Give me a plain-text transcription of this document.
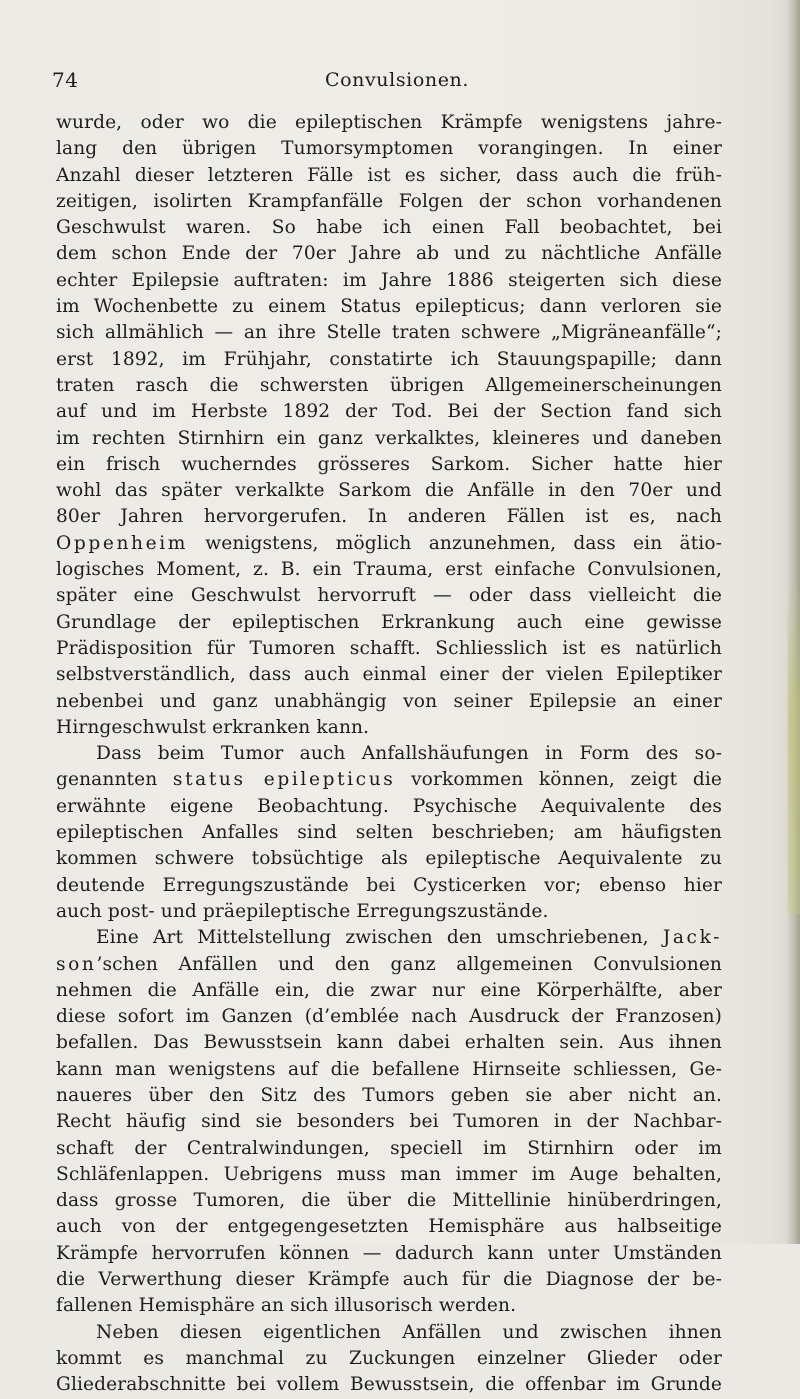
74	Convulsionen.
wurde, oder wo die epileptischen Krämpfe wenigstens jahre-
lang den übrigen Tumorsymptomen vorangingen. In einer
Anzahl dieser letzteren Fälle ist es sicher, dass auch die früh-
zeitigen, isolirten Krampfanfälle Folgen der schon vorhandenen
Geschwulst waren. So habe ich einen Fall beobachtet, bei
dem schon Ende der 70er Jahre ab und zu nächtliche Anfälle
echter Epilepsie auftraten: im Jahre 1886 steigerten sich diese
im Wochenbette zu einem Status epilepticus; dann verloren sie
sich allmählich — an ihre Stelle traten schwere „Migräneanfälle“;
erst 1892, im Frühjahr, constatirte ich Stauungspapille; dann
traten rasch die schwersten übrigen Allgemeinerscheinungen
auf und im Herbste 1892 der Tod. Bei der Section fand sich
im rechten Stirnhirn ein ganz verkalktes, kleineres und daneben
ein frisch wucherndes grösseres Sarkom. Sicher hatte hier
wohl das später verkalkte Sarkom die Anfälle in den 70er und
80er Jahren hervorgerufen. In anderen Fällen ist es, nach
Oppenheim wenigstens, möglich anzunehmen, dass ein ätio-
logisches Moment, z. B. ein Trauma, erst einfache Convulsionen,
später eine Geschwulst hervorruft — oder dass vielleicht die
Grundlage der epileptischen Erkrankung auch eine gewisse
Prädisposition für Tumoren schafft. Schliesslich ist es natürlich
selbstverständlich, dass auch einmal einer der vielen Epileptiker
nebenbei und ganz unabhängig von seiner Epilepsie an einer
Hirngeschwulst erkranken kann.
Dass beim Tumor auch Anfallshäufungen in Form des so-
genannten status epilepticus vorkommen können, zeigt die
erwähnte eigene Beobachtung. Psychische Aequivalente des
epileptischen Anfalles sind selten beschrieben; am häufigsten
kommen schwere tobsüchtige als epileptische Aequivalente zu
deutende Erregungszustände bei Cysticerken vor; ebenso hier
auch post- und präepileptische Erregungszustände.
Eine Art Mittelstellung zwischen den umschriebenen, Jack-
son’schen Anfällen und den ganz allgemeinen Convulsionen
nehmen die Anfälle ein, die zwar nur eine Körperhälfte, aber
diese sofort im Ganzen (d’emblée nach Ausdruck der Franzosen)
befallen. Das Bewusstsein kann dabei erhalten sein. Aus ihnen
kann man wenigstens auf die befallene Hirnseite schliessen, Ge-
naueres über den Sitz des Tumors geben sie aber nicht an.
Recht häufig sind sie besonders bei Tumoren in der Nachbar-
schaft der Centralwindungen, speciell im Stirnhirn oder im
Schläfenlappen. Uebrigens muss man immer im Auge behalten,
dass grosse Tumoren, die über die Mittellinie hinüberdringen,
auch von der entgegengesetzten Hemisphäre aus halbseitige
Krämpfe hervorrufen können — dadurch kann unter Umständen
die Verwerthung dieser Krämpfe auch für die Diagnose der be-
fallenen Hemisphäre an sich illusorisch werden.
Neben diesen eigentlichen Anfällen und zwischen ihnen
kommt es manchmal zu Zuckungen einzelner Glieder oder
Gliederabschnitte bei vollem Bewusstsein, die offenbar im Grunde
